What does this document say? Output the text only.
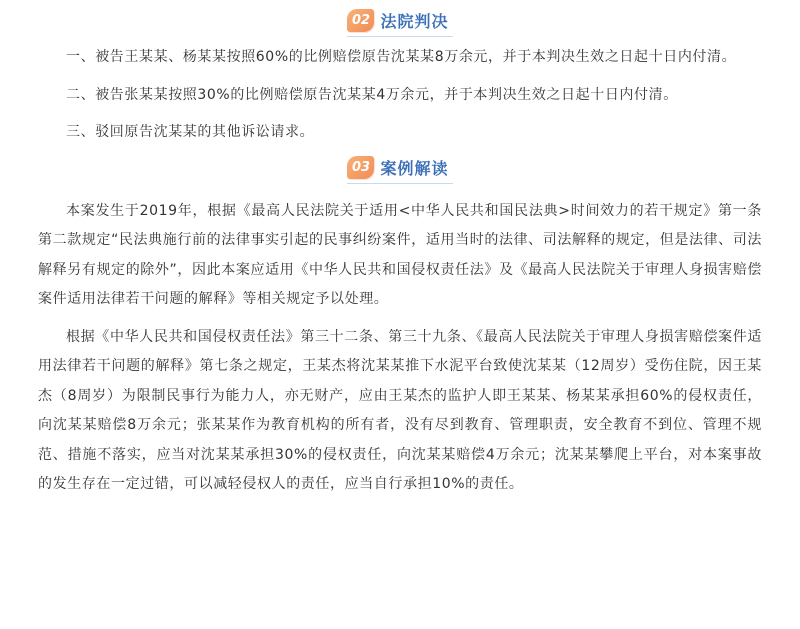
02 法院判决

一、被告王某某、杨某某按照60%的比例赔偿原告沈某某8万余元，并于本判决生效之日起十日内付清。

二、被告张某某按照30%的比例赔偿原告沈某某4万余元，并于本判决生效之日起十日内付清。

三、驳回原告沈某某的其他诉讼请求。

03 案例解读

本案发生于2019年，根据《最高人民法院关于适用<中华人民共和国民法典>时间效力的若干规定》第一条第二款规定“民法典施行前的法律事实引起的民事纠纷案件，适用当时的法律、司法解释的规定，但是法律、司法解释另有规定的除外”，因此本案应适用《中华人民共和国侵权责任法》及《最高人民法院关于审理人身损害赔偿案件适用法律若干问题的解释》等相关规定予以处理。

根据《中华人民共和国侵权责任法》第三十二条、第三十九条、《最高人民法院关于审理人身损害赔偿案件适用法律若干问题的解释》第七条之规定，王某杰将沈某某推下水泥平台致使沈某某（12周岁）受伤住院，因王某杰（8周岁）为限制民事行为能力人，亦无财产，应由王某杰的监护人即王某某、杨某某承担60%的侵权责任，向沈某某赔偿8万余元；张某某作为教育机构的所有者，没有尽到教育、管理职责，安全教育不到位、管理不规范、措施不落实，应当对沈某某承担30%的侵权责任，向沈某某赔偿4万余元；沈某某攀爬上平台，对本案事故的发生存在一定过错，可以减轻侵权人的责任，应当自行承担10%的责任。
